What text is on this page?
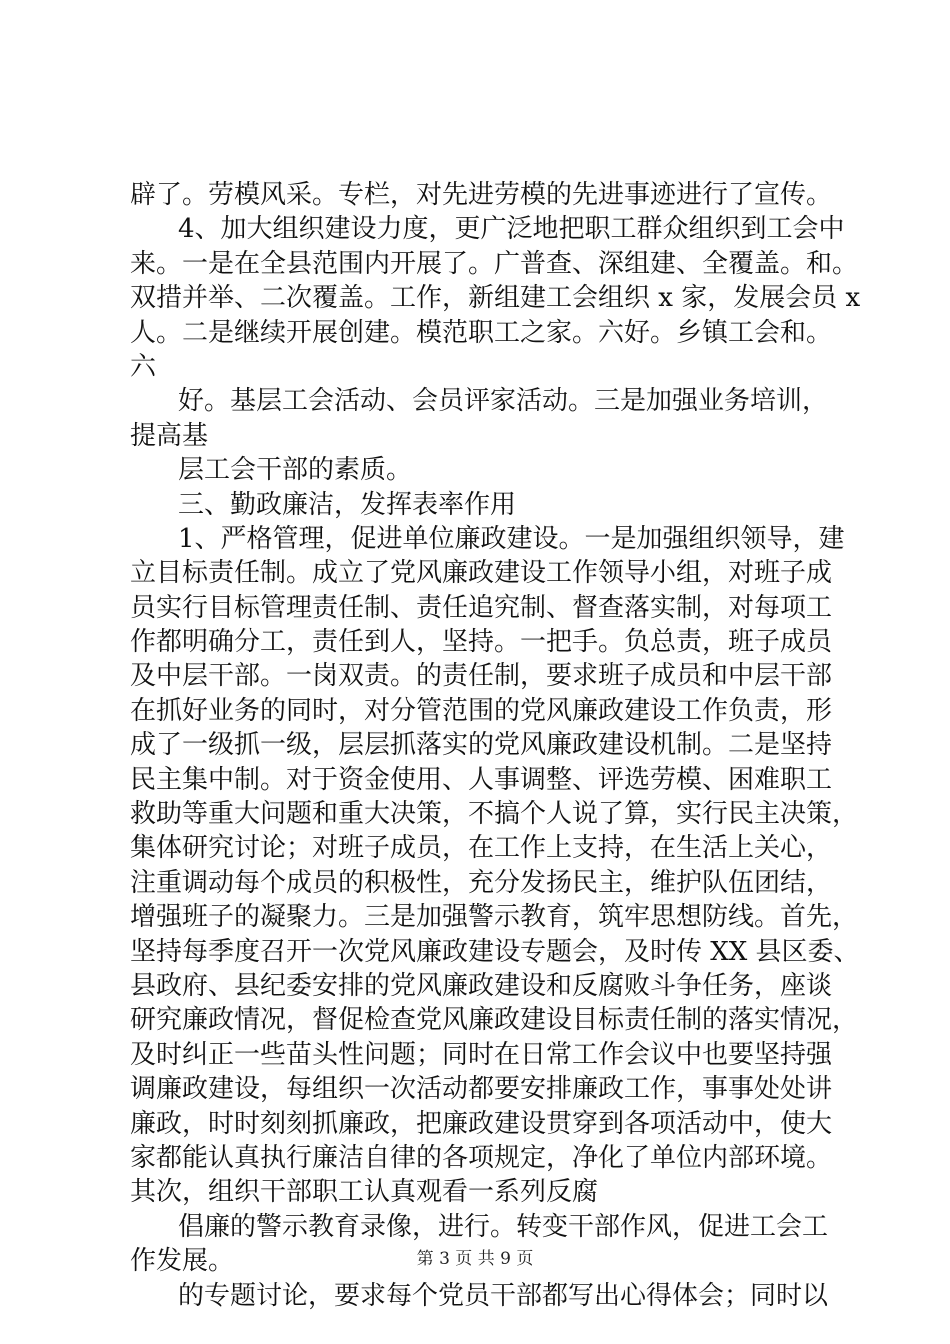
辟了。劳模风采。专栏，对先进劳模的先进事迹进行了宣传。
4、加大组织建设力度，更广泛地把职工群众组织到工会中
来。一是在全县范围内开展了。广普查、深组建、全覆盖。和。
双措并举、二次覆盖。工作，新组建工会组织 x 家，发展会员 x
人。二是继续开展创建。模范职工之家。六好。乡镇工会和。
六
好。基层工会活动、会员评家活动。三是加强业务培训，
提高基
层工会干部的素质。
三、勤政廉洁，发挥表率作用
1、严格管理，促进单位廉政建设。一是加强组织领导，建
立目标责任制。成立了党风廉政建设工作领导小组，对班子成
员实行目标管理责任制、责任追究制、督查落实制，对每项工
作都明确分工，责任到人，坚持。一把手。负总责，班子成员
及中层干部。一岗双责。的责任制，要求班子成员和中层干部
在抓好业务的同时，对分管范围的党风廉政建设工作负责，形
成了一级抓一级，层层抓落实的党风廉政建设机制。二是坚持
民主集中制。对于资金使用、人事调整、评选劳模、困难职工
救助等重大问题和重大决策，不搞个人说了算，实行民主决策，
集体研究讨论；对班子成员，在工作上支持，在生活上关心，
注重调动每个成员的积极性，充分发扬民主，维护队伍团结，
增强班子的凝聚力。三是加强警示教育，筑牢思想防线。首先，
坚持每季度召开一次党风廉政建设专题会，及时传 XX 县区委、
县政府、县纪委安排的党风廉政建设和反腐败斗争任务，座谈
研究廉政情况，督促检查党风廉政建设目标责任制的落实情况，
及时纠正一些苗头性问题；同时在日常工作会议中也要坚持强
调廉政建设，每组织一次活动都要安排廉政工作，事事处处讲
廉政，时时刻刻抓廉政，把廉政建设贯穿到各项活动中，使大
家都能认真执行廉洁自律的各项规定，净化了单位内部环境。
其次，组织干部职工认真观看一系列反腐
倡廉的警示教育录像，进行。转变干部作风，促进工会工
作发展。
的专题讨论，要求每个党员干部都写出心得体会；同时以
第 3 页 共 9 页
